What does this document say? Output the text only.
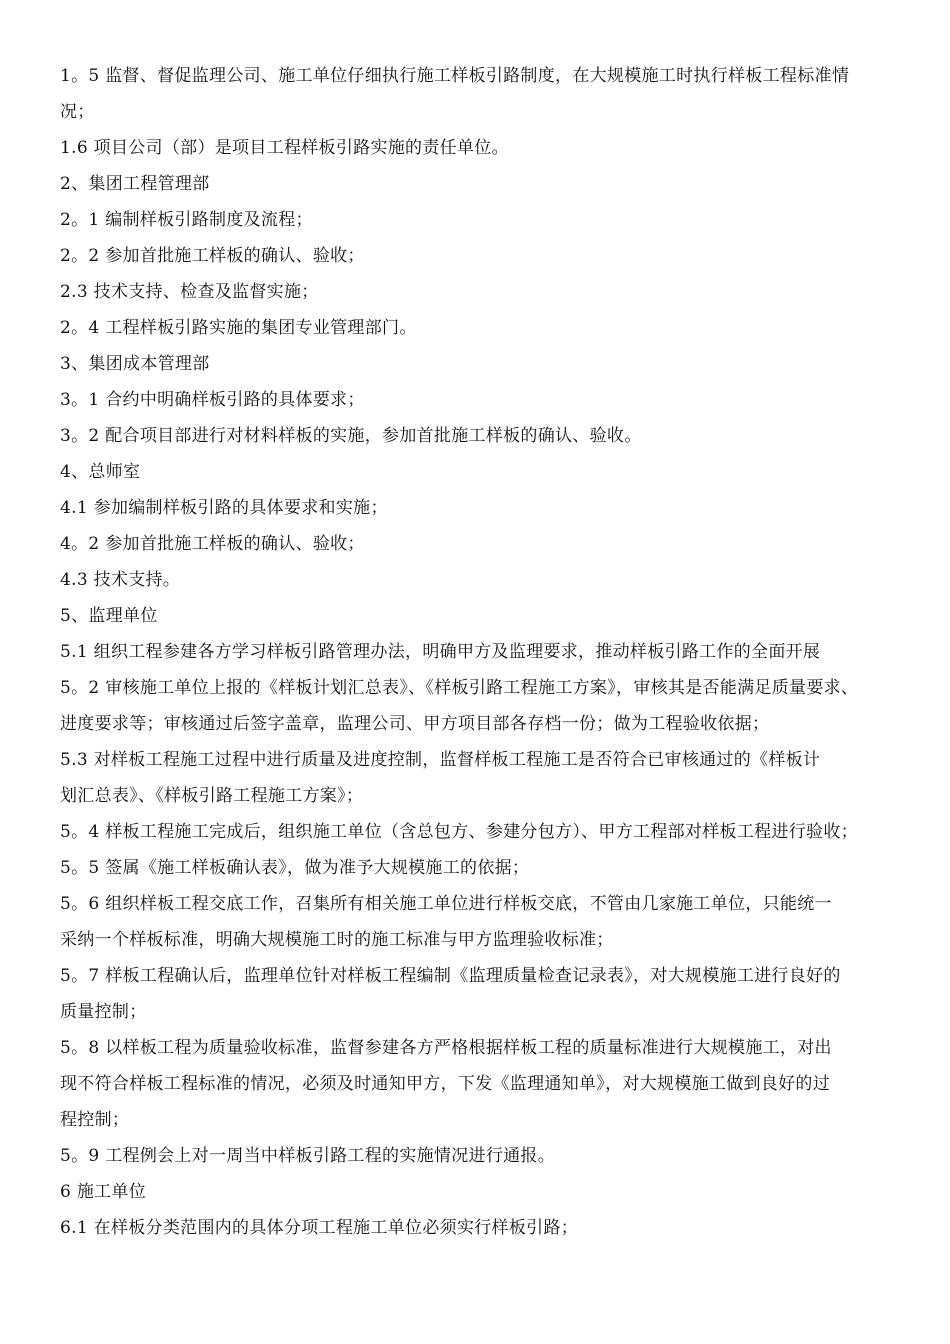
1。5 监督、督促监理公司、施工单位仔细执行施工样板引路制度，在大规模施工时执行样板工程标准情
况；
1.6 项目公司（部）是项目工程样板引路实施的责任单位。
2、集团工程管理部
2。1 编制样板引路制度及流程；
2。2 参加首批施工样板的确认、验收；
2.3 技术支持、检查及监督实施；
2。4 工程样板引路实施的集团专业管理部门。
3、集团成本管理部
3。1 合约中明确样板引路的具体要求；
3。2 配合项目部进行对材料样板的实施，参加首批施工样板的确认、验收。
4、总师室
4.1 参加编制样板引路的具体要求和实施；
4。2 参加首批施工样板的确认、验收；
4.3 技术支持。
5、监理单位
5.1 组织工程参建各方学习样板引路管理办法，明确甲方及监理要求，推动样板引路工作的全面开展
5。2 审核施工单位上报的《样板计划汇总表》、《样板引路工程施工方案》，审核其是否能满足质量要求、
进度要求等；审核通过后签字盖章，监理公司、甲方项目部各存档一份；做为工程验收依据；
5.3 对样板工程施工过程中进行质量及进度控制，监督样板工程施工是否符合已审核通过的《样板计
划汇总表》、《样板引路工程施工方案》；
5。4 样板工程施工完成后，组织施工单位（含总包方、参建分包方）、甲方工程部对样板工程进行验收；
5。5 签属《施工样板确认表》，做为准予大规模施工的依据；
5。6 组织样板工程交底工作，召集所有相关施工单位进行样板交底，不管由几家施工单位，只能统一
采纳一个样板标准，明确大规模施工时的施工标准与甲方监理验收标准；
5。7 样板工程确认后，监理单位针对样板工程编制《监理质量检查记录表》，对大规模施工进行良好的
质量控制；
5。8 以样板工程为质量验收标准，监督参建各方严格根据样板工程的质量标准进行大规模施工，对出
现不符合样板工程标准的情况，必须及时通知甲方，下发《监理通知单》，对大规模施工做到良好的过
程控制；
5。9 工程例会上对一周当中样板引路工程的实施情况进行通报。
6 施工单位
6.1 在样板分类范围内的具体分项工程施工单位必须实行样板引路；
